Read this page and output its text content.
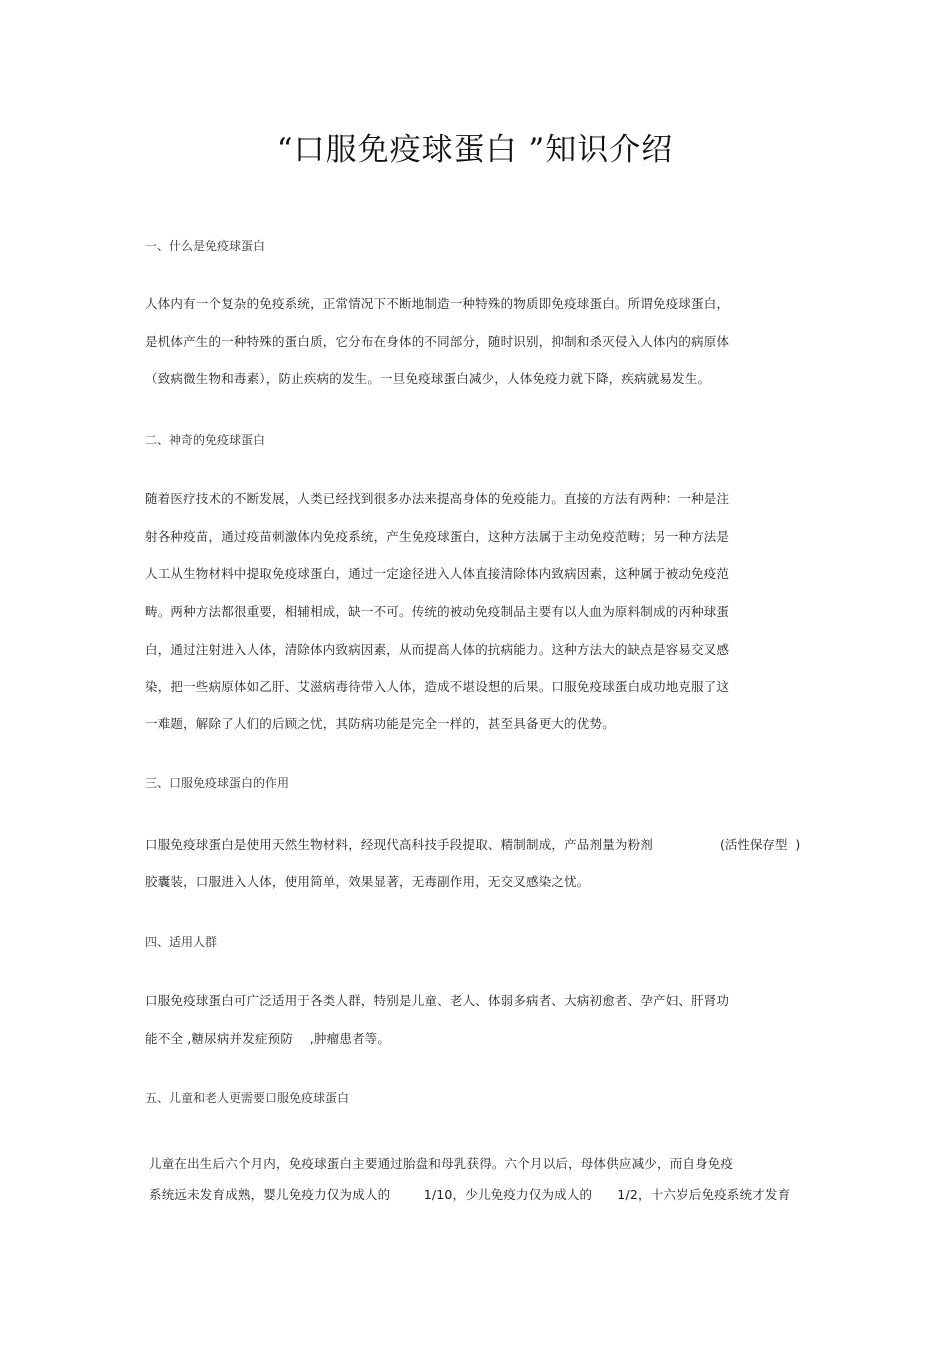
“口服免疫球蛋白 ”知识介绍
一、什么是免疫球蛋白
人体内有一个复杂的免疫系统，正常情况下不断地制造一种特殊的物质即免疫球蛋白。所谓免疫球蛋白，
是机体产生的一种特殊的蛋白质，它分布在身体的不同部分，随时识别，抑制和杀灭侵入人体内的病原体
（致病微生物和毒素），防止疾病的发生。一旦免疫球蛋白减少，人体免疫力就下降，疾病就易发生。
二、神奇的免疫球蛋白
随着医疗技术的不断发展，人类已经找到很多办法来提高身体的免疫能力。直接的方法有两种：一种是注
射各种疫苗，通过疫苗刺激体内免疫系统，产生免疫球蛋白，这种方法属于主动免疫范畴；另一种方法是
人工从生物材料中提取免疫球蛋白，通过一定途径进入人体直接清除体内致病因素，这种属于被动免疫范
畴。两种方法都很重要，相辅相成，缺一不可。传统的被动免疫制品主要有以人血为原料制成的丙种球蛋
白，通过注射进入人体，清除体内致病因素，从而提高人体的抗病能力。这种方法大的缺点是容易交叉感
染，把一些病原体如乙肝、艾滋病毒待带入人体，造成不堪设想的后果。口服免疫球蛋白成功地克服了这
一难题，解除了人们的后顾之忧，其防病功能是完全一样的，甚至具备更大的优势。
三、口服免疫球蛋白的作用
口服免疫球蛋白是使用天然生物材料，经现代高科技手段提取、精制制成，产品剂量为粉剂	(活性保存型  )
胶囊装，口服进入人体，使用简单，效果显著，无毒副作用，无交叉感染之忧。
四、适用人群
口服免疫球蛋白可广泛适用于各类人群，特别是儿童、老人、体弱多病者、大病初愈者、孕产妇、肝肾功
能不全 ,糖尿病并发症预防    ,肿瘤患者等。
五、儿童和老人更需要口服免疫球蛋白
儿童在出生后六个月内，免疫球蛋白主要通过胎盘和母乳获得。六个月以后，母体供应减少，而自身免疫
系统远未发育成熟，婴儿免疫力仅为成人的        1/10，少儿免疫力仅为成人的      1/2，十六岁后免疫系统才发育
